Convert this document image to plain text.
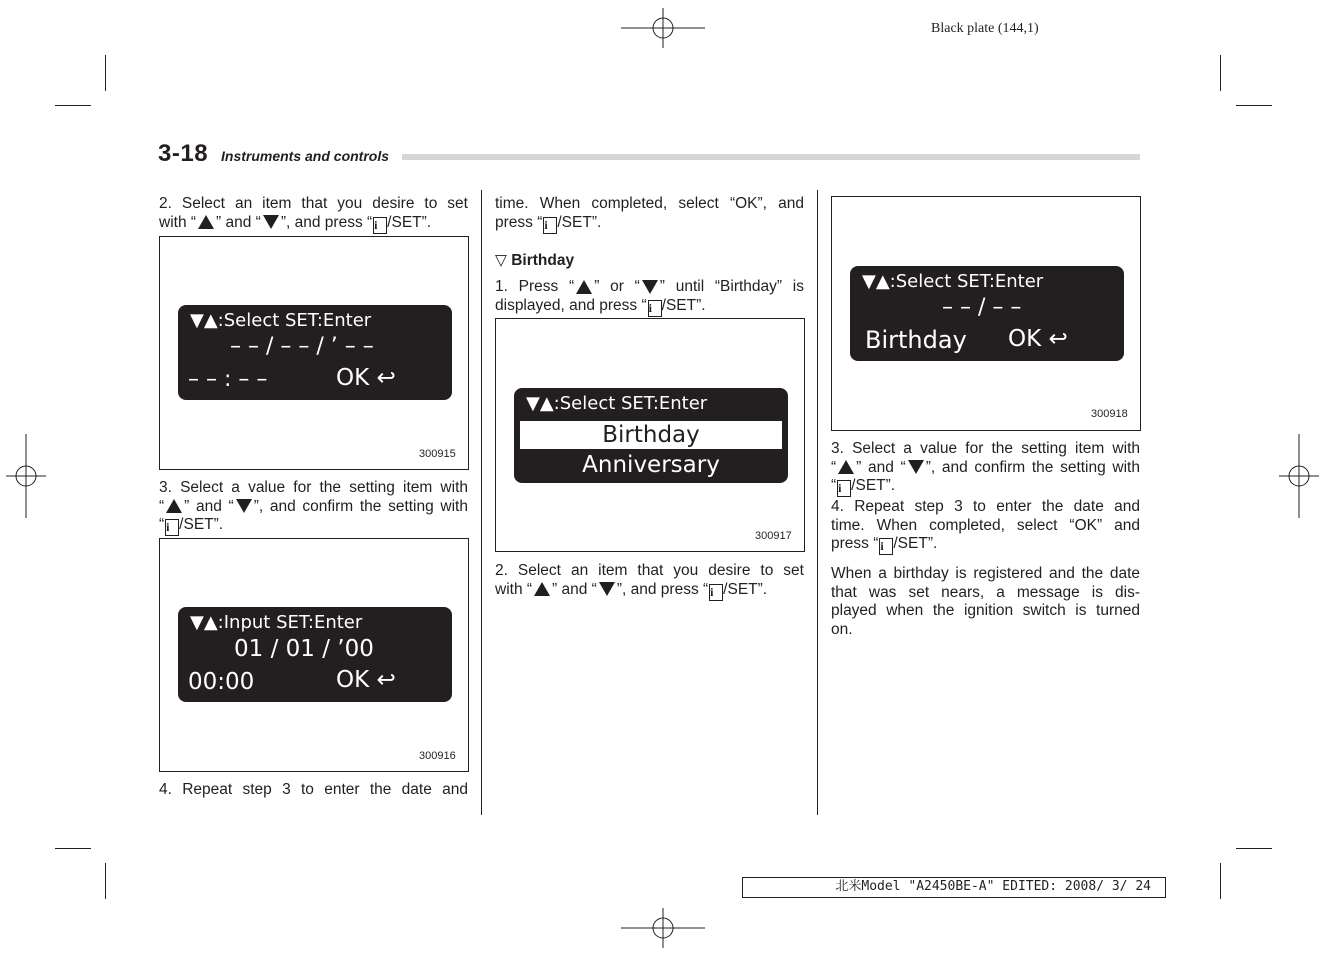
Black plate (144,1)
3-18 Instruments and controls
2. Select an item that you desire to set
with “ ” and “ ”, and press “ i /SET”.
▼▲:Select SET:Enter
– – / – – / ’ – –
– – : – –	OK ↩
300915
3. Select a value for the setting item with
“ ” and “ ”, and confirm the setting with
“ i /SET”.
▼▲:Input SET:Enter
01 / 01 / ’00
00:00	OK ↩
300916
4. Repeat step 3 to enter the date and
time. When completed, select “OK”, and
press “ i /SET”.
▽ Birthday
1. Press “ ” or “ ” until “Birthday” is
displayed, and press “ i /SET”.
▼▲:Select SET:Enter
Birthday
Anniversary
300917
2. Select an item that you desire to set
with “ ” and “ ”, and press “ i /SET”.
▼▲:Select SET:Enter
– – / – –
Birthday OK ↩
300918
3. Select a value for the setting item with
“ ” and “ ”, and confirm the setting with
“ i /SET”.
4. Repeat step 3 to enter the date and
time. When completed, select “OK” and
press “ i /SET”.
When a birthday is registered and the date
that was set nears, a message is dis-
played when the ignition switch is turned
on.
北米Model "A2450BE-A" EDITED: 2008/ 3/ 24
